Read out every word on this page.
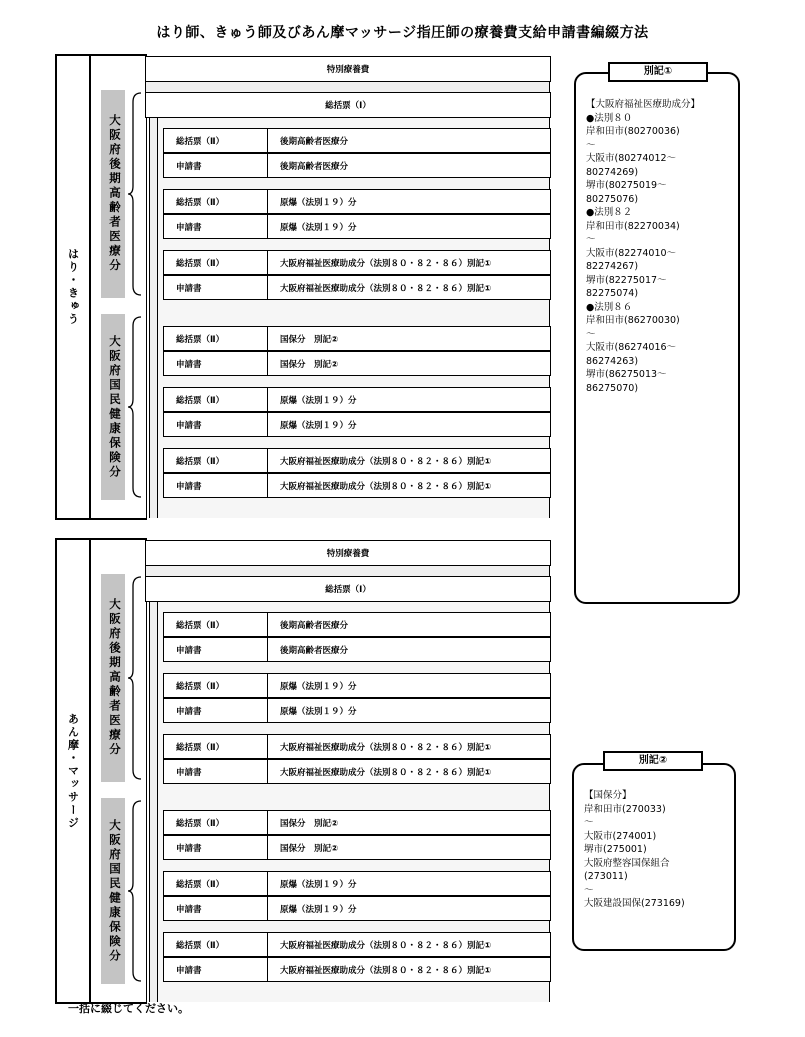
はり師、きゅう師及びあん摩マッサージ指圧師の療養費支給申請書編綴方法
はり・きゅう
大阪府後期高齢者医療分
大阪府国民健康保険分
特別療養費
総括票（Ⅰ）
総括票（Ⅱ）	後期高齢者医療分
申請書	後期高齢者医療分
総括票（Ⅱ）	原爆（法別１９）分
申請書	原爆（法別１９）分
総括票（Ⅱ）	大阪府福祉医療助成分（法別８０・８２・８６）別記①
申請書	大阪府福祉医療助成分（法別８０・８２・８６）別記①
総括票（Ⅱ）	国保分　別記②
申請書	国保分　別記②
総括票（Ⅱ）	原爆（法別１９）分
申請書	原爆（法別１９）分
総括票（Ⅱ）	大阪府福祉医療助成分（法別８０・８２・８６）別記①
申請書	大阪府福祉医療助成分（法別８０・８２・８６）別記①
あん摩・マッサージ
大阪府後期高齢者医療分
大阪府国民健康保険分
特別療養費
総括票（Ⅰ）
総括票（Ⅱ）	後期高齢者医療分
申請書	後期高齢者医療分
総括票（Ⅱ）	原爆（法別１９）分
申請書	原爆（法別１９）分
総括票（Ⅱ）	大阪府福祉医療助成分（法別８０・８２・８６）別記①
申請書	大阪府福祉医療助成分（法別８０・８２・８６）別記①
総括票（Ⅱ）	国保分　別記②
申請書	国保分　別記②
総括票（Ⅱ）	原爆（法別１９）分
申請書	原爆（法別１９）分
総括票（Ⅱ）	大阪府福祉医療助成分（法別８０・８２・８６）別記①
申請書	大阪府福祉医療助成分（法別８０・８２・８６）別記①
【大阪府福祉医療助成分】
●法別８０
岸和田市(80270036)
～
大阪市(80274012～
80274269)
堺市(80275019～
80275076)
●法別８２
岸和田市(82270034)
～
大阪市(82274010～
82274267)
堺市(82275017～
82275074)
●法別８６
岸和田市(86270030)
～
大阪市(86274016～
86274263)
堺市(86275013～
86275070)
別記①
【国保分】
岸和田市(270033)
～
大阪市(274001)
堺市(275001)
大阪府整容国保組合
(273011)
～
大阪建設国保(273169)
別記②
一括に綴じてください。
